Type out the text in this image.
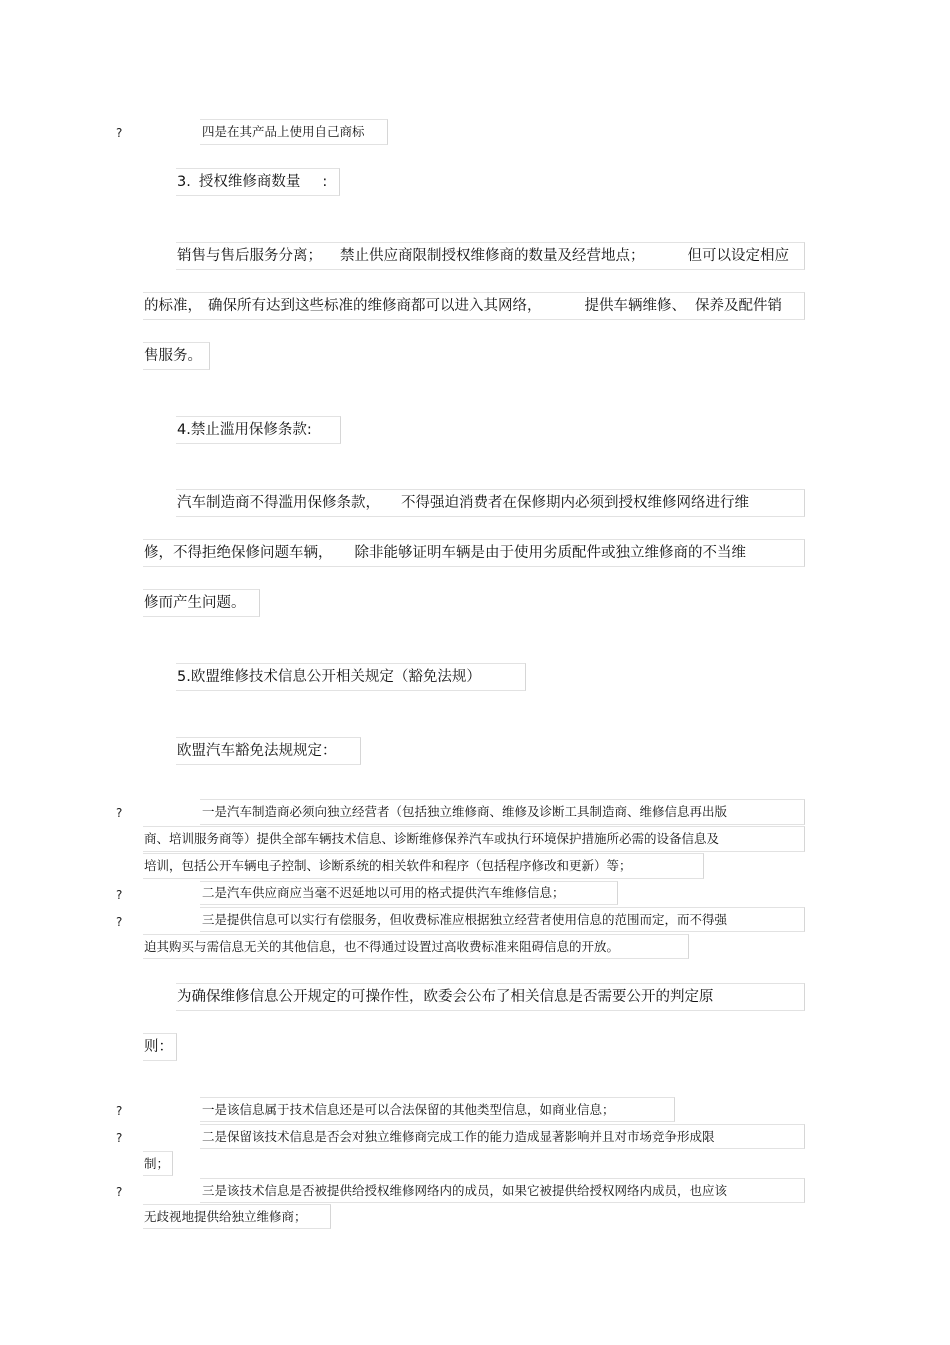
?
?
?
?
?
?
?
四是在其产品上使用自己商标
3. 授权维修商数量 :
销售与售后服务分离； 禁止供应商限制授权维修商的数量及经营地点；	但可以设定相应
的标准， 确保所有达到这些标准的维修商都可以进入其网络，	提供车辆维修、 保养及配件销
售服务。
4.禁止滥用保修条款:
汽车制造商不得滥用保修条款， 不得强迫消费者在保修期内必须到授权维修网络进行维
修，不得拒绝保修问题车辆， 除非能够证明车辆是由于使用劣质配件或独立维修商的不当维
修而产生问题。
5.欧盟维修技术信息公开相关规定（豁免法规）
欧盟汽车豁免法规规定：
一是汽车制造商必须向独立经营者（包括独立维修商、维修及诊断工具制造商、维修信息再出版
商、培训服务商等）提供全部车辆技术信息、诊断维修保养汽车或执行环境保护措施所必需的设备信息及
培训，包括公开车辆电子控制、诊断系统的相关软件和程序（包括程序修改和更新）等；
二是汽车供应商应当毫不迟延地以可用的格式提供汽车维修信息；
三是提供信息可以实行有偿服务，但收费标准应根据独立经营者使用信息的范围而定，而不得强
迫其购买与需信息无关的其他信息，也不得通过设置过高收费标准来阻碍信息的开放。
为确保维修信息公开规定的可操作性，欧委会公布了相关信息是否需要公开的判定原
则：
一是该信息属于技术信息还是可以合法保留的其他类型信息，如商业信息；
二是保留该技术信息是否会对独立维修商完成工作的能力造成显著影响并且对市场竞争形成限
制；
三是该技术信息是否被提供给授权维修网络内的成员，如果它被提供给授权网络内成员，也应该
无歧视地提供给独立维修商；
